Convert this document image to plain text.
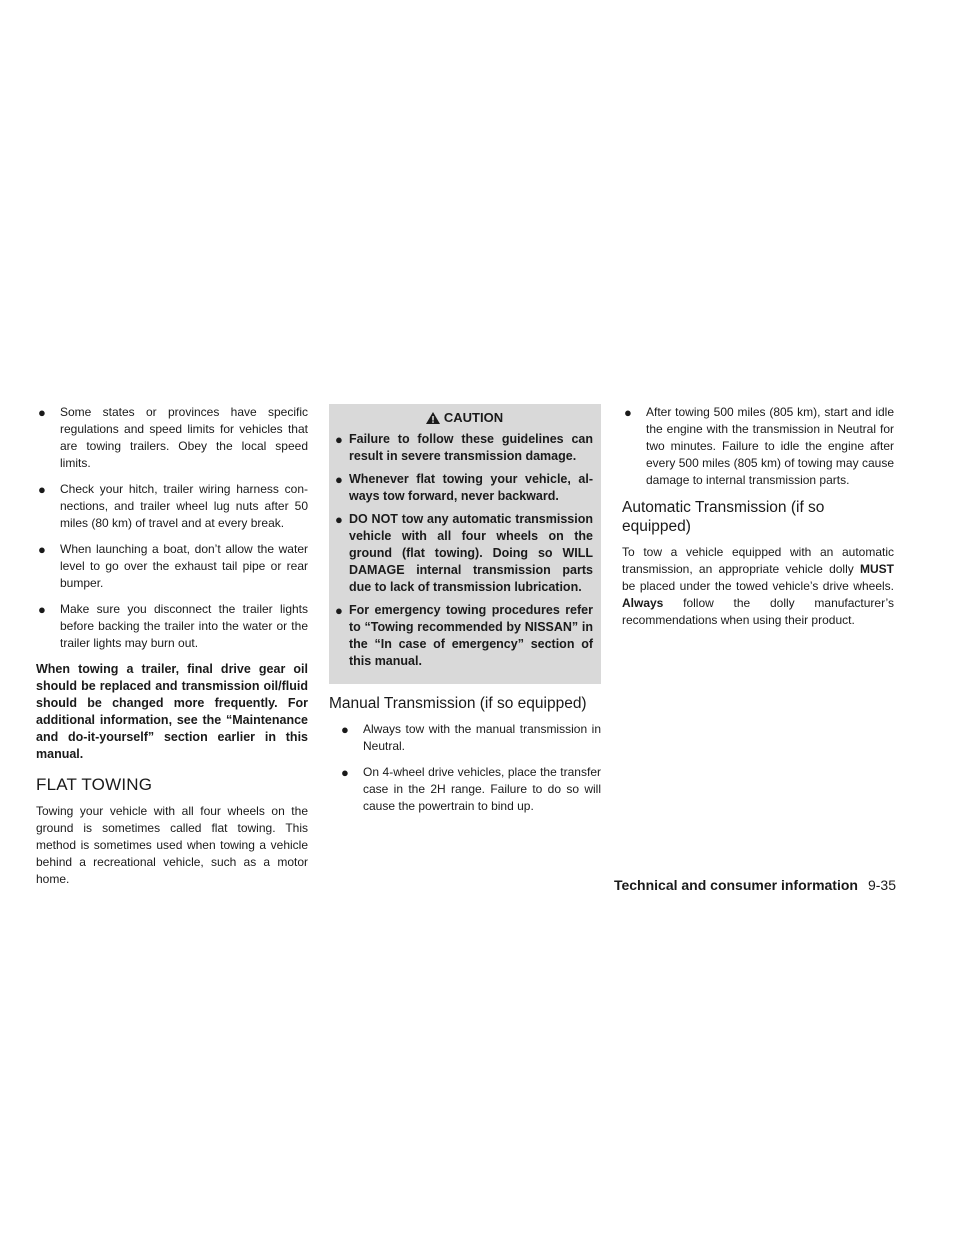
●	Some states or provinces have specific regulations and speed limits for vehicles that are towing trailers. Obey the local speed limits.
●	Check your hitch, trailer wiring harness connections, and trailer wheel lug nuts after 50 miles (80 km) of travel and at every break.
●	When launching a boat, don’t allow the water level to go over the exhaust tail pipe or rear bumper.
●	Make sure you disconnect the trailer lights before backing the trailer into the water or the trailer lights may burn out.

When towing a trailer, final drive gear oil should be replaced and transmission oil/fluid should be changed more frequently. For additional information, see the “Maintenance and do-it-yourself” section earlier in this manual.

FLAT TOWING

Towing your vehicle with all four wheels on the ground is sometimes called flat towing. This method is sometimes used when towing a vehicle behind a recreational vehicle, such as a motor home.

CAUTION
● Failure to follow these guidelines can result in severe transmission damage.
● Whenever flat towing your vehicle, always tow forward, never backward.
● DO NOT tow any automatic transmission vehicle with all four wheels on the ground (flat towing). Doing so WILL DAMAGE internal transmission parts due to lack of transmission lubrication.
● For emergency towing procedures refer to “Towing recommended by NISSAN” in the “In case of emergency” section of this manual.
Manual Transmission (if so equipped)
●	Always tow with the manual transmission in Neutral.
●	On 4-wheel drive vehicles, place the transfer case in the 2H range. Failure to do so will cause the powertrain to bind up.
●	After towing 500 miles (805 km), start and idle the engine with the transmission in Neutral for two minutes. Failure to idle the engine after every 500 miles (805 km) of towing may cause damage to internal transmission parts.
Automatic Transmission (if so equipped)

To tow a vehicle equipped with an automatic transmission, an appropriate vehicle dolly MUST be placed under the towed vehicle’s drive wheels. Always follow the dolly manufacturer’s recommendations when using their product.

Technical and consumer information 9-35
